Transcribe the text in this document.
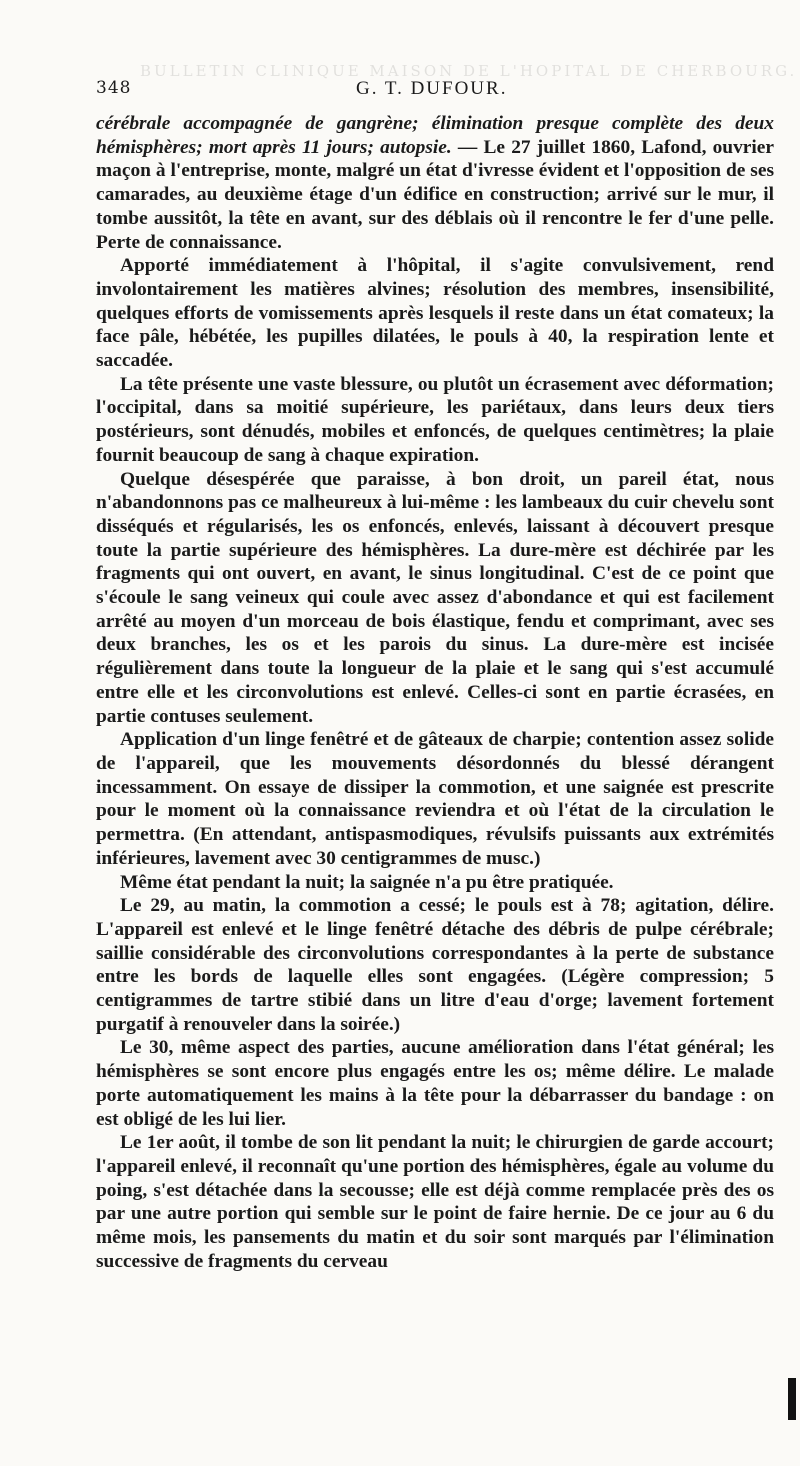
BULLETIN CLINIQUE MAISON DE L'HOPITAL DE CHERBOURG.
348	G. T. DUFOUR.

cérébrale accompagnée de gangrène; élimination presque complète des deux hémisphères; mort après 11 jours; autopsie. — Le 27 juillet 1860, Lafond, ouvrier maçon à l'entreprise, monte, malgré un état d'ivresse évident et l'opposition de ses camarades, au deuxième étage d'un édifice en construction; arrivé sur le mur, il tombe aussitôt, la tête en avant, sur des déblais où il rencontre le fer d'une pelle. Perte de connaissance.

Apporté immédiatement à l'hôpital, il s'agite convulsivement, rend involontairement les matières alvines; résolution des membres, insensibilité, quelques efforts de vomissements après lesquels il reste dans un état comateux; la face pâle, hébétée, les pupilles dilatées, le pouls à 40, la respiration lente et saccadée.

La tête présente une vaste blessure, ou plutôt un écrasement avec déformation; l'occipital, dans sa moitié supérieure, les pariétaux, dans leurs deux tiers postérieurs, sont dénudés, mobiles et enfoncés, de quelques centimètres; la plaie fournit beaucoup de sang à chaque expiration.

Quelque désespérée que paraisse, à bon droit, un pareil état, nous n'abandonnons pas ce malheureux à lui-même : les lambeaux du cuir chevelu sont disséqués et régularisés, les os enfoncés, enlevés, laissant à découvert presque toute la partie supérieure des hémisphères. La dure-mère est déchirée par les fragments qui ont ouvert, en avant, le sinus longitudinal. C'est de ce point que s'écoule le sang veineux qui coule avec assez d'abondance et qui est facilement arrêté au moyen d'un morceau de bois élastique, fendu et comprimant, avec ses deux branches, les os et les parois du sinus. La dure-mère est incisée régulièrement dans toute la longueur de la plaie et le sang qui s'est accumulé entre elle et les circonvolutions est enlevé. Celles-ci sont en partie écrasées, en partie contuses seulement.

Application d'un linge fenêtré et de gâteaux de charpie; contention assez solide de l'appareil, que les mouvements désordonnés du blessé dérangent incessamment. On essaye de dissiper la commotion, et une saignée est prescrite pour le moment où la connaissance reviendra et où l'état de la circulation le permettra. (En attendant, antispasmodiques, révulsifs puissants aux extrémités inférieures, lavement avec 30 centigrammes de musc.)

Même état pendant la nuit; la saignée n'a pu être pratiquée.

Le 29, au matin, la commotion a cessé; le pouls est à 78; agitation, délire. L'appareil est enlevé et le linge fenêtré détache des débris de pulpe cérébrale; saillie considérable des circonvolutions correspondantes à la perte de substance entre les bords de laquelle elles sont engagées. (Légère compression; 5 centigrammes de tartre stibié dans un litre d'eau d'orge; lavement fortement purgatif à renouveler dans la soirée.)

Le 30, même aspect des parties, aucune amélioration dans l'état général; les hémisphères se sont encore plus engagés entre les os; même délire. Le malade porte automatiquement les mains à la tête pour la débarrasser du bandage : on est obligé de les lui lier.

Le 1er août, il tombe de son lit pendant la nuit; le chirurgien de garde accourt; l'appareil enlevé, il reconnaît qu'une portion des hémisphères, égale au volume du poing, s'est détachée dans la secousse; elle est déjà comme remplacée près des os par une autre portion qui semble sur le point de faire hernie. De ce jour au 6 du même mois, les pansements du matin et du soir sont marqués par l'élimination successive de fragments du cerveau
